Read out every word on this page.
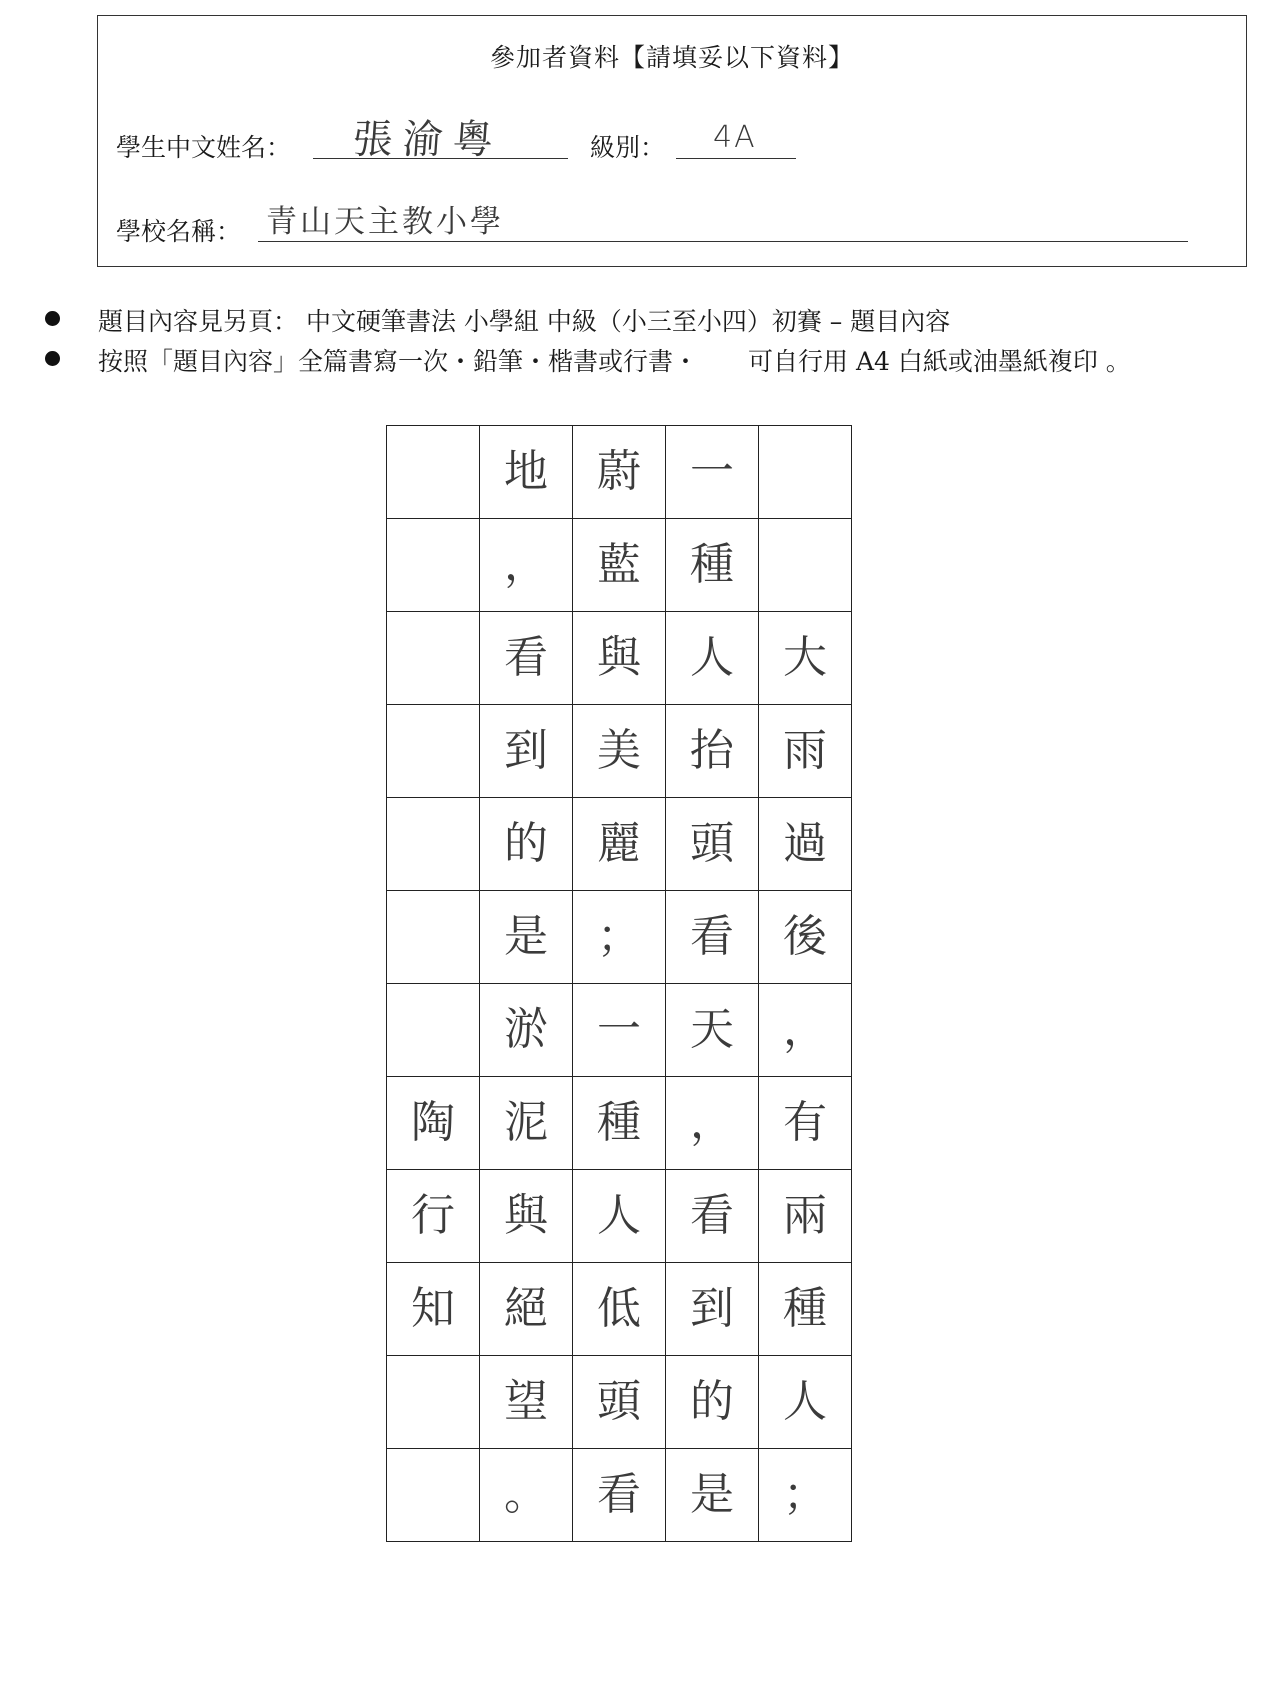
參加者資料【請填妥以下資料】
學生中文姓名： 張渝粵	級別： 4A
學校名稱： 青山天主教小學
題目內容見另頁： 中文硬筆書法 小學組 中級（小三至小四）初賽 – 題目內容
按照「題目內容」全篇書寫一次・鉛筆・楷書或行書・　　可自行用 A4 白紙或油墨紙複印 。
	地	蔚	一	
	，	藍	種	
	看	與	人	大
	到	美	抬	雨
	的	麗	頭	過
	是	；	看	後
	淤	一	天	，
陶	泥	種	，	有
行	與	人	看	兩
知	絕	低	到	種
	望	頭	的	人
	。	看	是	；
